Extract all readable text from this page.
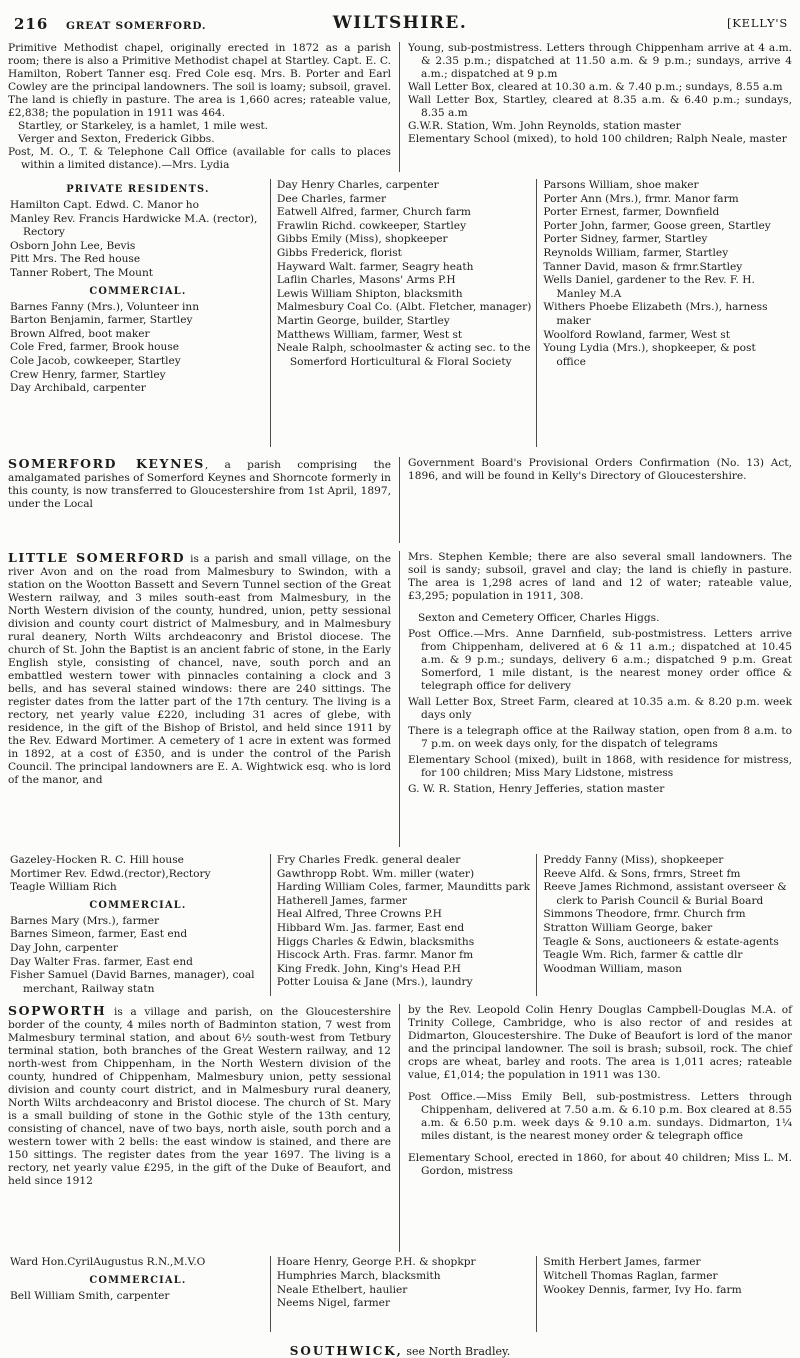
216 GREAT SOMERFORD.	WILTSHIRE.	[KELLY'S
Primitive Methodist chapel, originally erected in 1872 as a parish room; there is also a Primitive Methodist chapel at Startley. Capt. E. C. Hamilton, Robert Tanner esq. Fred Cole esq. Mrs. B. Porter and Earl Cowley are the principal landowners. The soil is loamy; subsoil, gravel. The land is chiefly in pasture. The area is 1,660 acres; rateable value, £2,838; the population in 1911 was 464.
Startley, or Starkeley, is a hamlet, 1 mile west.
Verger and Sexton, Frederick Gibbs.
Post, M. O., T. & Telephone Call Office (available for calls to places within a limited distance).—Mrs. Lydia
Young, sub-postmistress. Letters through Chippenham arrive at 4 a.m. & 2.35 p.m.; dispatched at 11.50 a.m. & 9 p.m.; sundays, arrive 4 a.m.; dispatched at 9 p.m
Wall Letter Box, cleared at 10.30 a.m. & 7.40 p.m.; sundays, 8.55 a.m
Wall Letter Box, Startley, cleared at 8.35 a.m. & 6.40 p.m.; sundays, 8.35 a.m
G.W.R. Station, Wm. John Reynolds, station master
Elementary School (mixed), to hold 100 children; Ralph Neale, master
PRIVATE RESIDENTS.
Hamilton Capt. Edwd. C. Manor ho
Manley Rev. Francis Hardwicke M.A. (rector), Rectory
Osborn John Lee, Bevis
Pitt Mrs. The Red house
Tanner Robert, The Mount
COMMERCIAL.
Barnes Fanny (Mrs.), Volunteer inn
Barton Benjamin, farmer, Startley
Brown Alfred, boot maker
Cole Fred, farmer, Brook house
Cole Jacob, cowkeeper, Startley
Crew Henry, farmer, Startley
Day Archibald, carpenter
Day Henry Charles, carpenter
Dee Charles, farmer
Eatwell Alfred, farmer, Church farm
Frawlin Richd. cowkeeper, Startley
Gibbs Emily (Miss), shopkeeper
Gibbs Frederick, florist
Hayward Walt. farmer, Seagry heath
Laflin Charles, Masons' Arms P.H
Lewis William Shipton, blacksmith
Malmesbury Coal Co. (Albt. Fletcher, manager)
Martin George, builder, Startley
Matthews William, farmer, West st
Neale Ralph, schoolmaster & acting sec. to the Somerford Horticultural & Floral Society
Parsons William, shoe maker
Porter Ann (Mrs.), frmr. Manor farm
Porter Ernest, farmer, Downfield
Porter John, farmer, Goose green, Startley
Porter Sidney, farmer, Startley
Reynolds William, farmer, Startley
Tanner David, mason & frmr.Startley
Wells Daniel, gardener to the Rev. F. H. Manley M.A
Withers Phoebe Elizabeth (Mrs.), harness maker
Woolford Rowland, farmer, West st
Young Lydia (Mrs.), shopkeeper, & post office
SOMERFORD KEYNES, a parish comprising the amalgamated parishes of Somerford Keynes and Shorncote formerly in this county, is now transferred to Gloucestershire from 1st April, 1897, under the Local
Government Board's Provisional Orders Confirmation (No. 13) Act, 1896, and will be found in Kelly's Directory of Gloucestershire.
LITTLE SOMERFORD is a parish and small village, on the river Avon and on the road from Malmesbury to Swindon, with a station on the Wootton Bassett and Severn Tunnel section of the Great Western railway, and 3 miles south-east from Malmesbury, in the North Western division of the county, hundred, union, petty sessional division and county court district of Malmesbury, and in Malmesbury rural deanery, North Wilts archdeaconry and Bristol diocese. The church of St. John the Baptist is an ancient fabric of stone, in the Early English style, consisting of chancel, nave, south porch and an embattled western tower with pinnacles containing a clock and 3 bells, and has several stained windows: there are 240 sittings. The register dates from the latter part of the 17th century. The living is a rectory, net yearly value £220, including 31 acres of glebe, with residence, in the gift of the Bishop of Bristol, and held since 1911 by the Rev. Edward Mortimer. A cemetery of 1 acre in extent was formed in 1892, at a cost of £350, and is under the control of the Parish Council. The principal landowners are E. A. Wightwick esq. who is lord of the manor, and
Mrs. Stephen Kemble; there are also several small landowners. The soil is sandy; subsoil, gravel and clay; the land is chiefly in pasture. The area is 1,298 acres of land and 12 of water; rateable value, £3,295; population in 1911, 308.
Sexton and Cemetery Officer, Charles Higgs.
Post Office.—Mrs. Anne Darnfield, sub-postmistress. Letters arrive from Chippenham, delivered at 6 & 11 a.m.; dispatched at 10.45 a.m. & 9 p.m.; sundays, delivery 6 a.m.; dispatched 9 p.m. Great Somerford, 1 mile distant, is the nearest money order office & telegraph office for delivery
Wall Letter Box, Street Farm, cleared at 10.35 a.m. & 8.20 p.m. week days only
There is a telegraph office at the Railway station, open from 8 a.m. to 7 p.m. on week days only, for the dispatch of telegrams
Elementary School (mixed), built in 1868, with residence for mistress, for 100 children; Miss Mary Lidstone, mistress
G. W. R. Station, Henry Jefferies, station master
Gazeley-Hocken R. C. Hill house
Mortimer Rev. Edwd.(rector),Rectory
Teagle William Rich
COMMERCIAL.
Barnes Mary (Mrs.), farmer
Barnes Simeon, farmer, East end
Day John, carpenter
Day Walter Fras. farmer, East end
Fisher Samuel (David Barnes, manager), coal merchant, Railway statn
Fry Charles Fredk. general dealer
Gawthropp Robt. Wm. miller (water)
Harding William Coles, farmer, Maunditts park
Hatherell James, farmer
Heal Alfred, Three Crowns P.H
Hibbard Wm. Jas. farmer, East end
Higgs Charles & Edwin, blacksmiths
Hiscock Arth. Fras. farmr. Manor fm
King Fredk. John, King's Head P.H
Potter Louisa & Jane (Mrs.), laundry
Preddy Fanny (Miss), shopkeeper
Reeve Alfd. & Sons, frmrs, Street fm
Reeve James Richmond, assistant overseer & clerk to Parish Council & Burial Board
Simmons Theodore, frmr. Church frm
Stratton William George, baker
Teagle & Sons, auctioneers & estate-agents
Teagle Wm. Rich, farmer & cattle dlr
Woodman William, mason
SOPWORTH is a village and parish, on the Gloucestershire border of the county, 4 miles north of Badminton station, 7 west from Malmesbury terminal station, and about 6½ south-west from Tetbury terminal station, both branches of the Great Western railway, and 12 north-west from Chippenham, in the North Western division of the county, hundred of Chippenham, Malmesbury union, petty sessional division and county court district, and in Malmesbury rural deanery, North Wilts archdeaconry and Bristol diocese. The church of St. Mary is a small building of stone in the Gothic style of the 13th century, consisting of chancel, nave of two bays, north aisle, south porch and a western tower with 2 bells: the east window is stained, and there are 150 sittings. The register dates from the year 1697. The living is a rectory, net yearly value £295, in the gift of the Duke of Beaufort, and held since 1912
by the Rev. Leopold Colin Henry Douglas Campbell-Douglas M.A. of Trinity College, Cambridge, who is also rector of and resides at Didmarton, Gloucestershire. The Duke of Beaufort is lord of the manor and the principal landowner. The soil is brash; subsoil, rock. The chief crops are wheat, barley and roots. The area is 1,011 acres; rateable value, £1,014; the population in 1911 was 130.
Post Office.—Miss Emily Bell, sub-postmistress. Letters through Chippenham, delivered at 7.50 a.m. & 6.10 p.m. Box cleared at 8.55 a.m. & 6.50 p.m. week days & 9.10 a.m. sundays. Didmarton, 1¼ miles distant, is the nearest money order & telegraph office
Elementary School, erected in 1860, for about 40 children; Miss L. M. Gordon, mistress
Ward Hon.CyrilAugustus R.N.,M.V.O
COMMERCIAL.
Bell William Smith, carpenter
Hoare Henry, George P.H. & shopkpr
Humphries March, blacksmith
Neale Ethelbert, haulier
Neems Nigel, farmer
Smith Herbert James, farmer
Witchell Thomas Raglan, farmer
Wookey Dennis, farmer, Ivy Ho. farm
SOUTHWICK, see North Bradley.
